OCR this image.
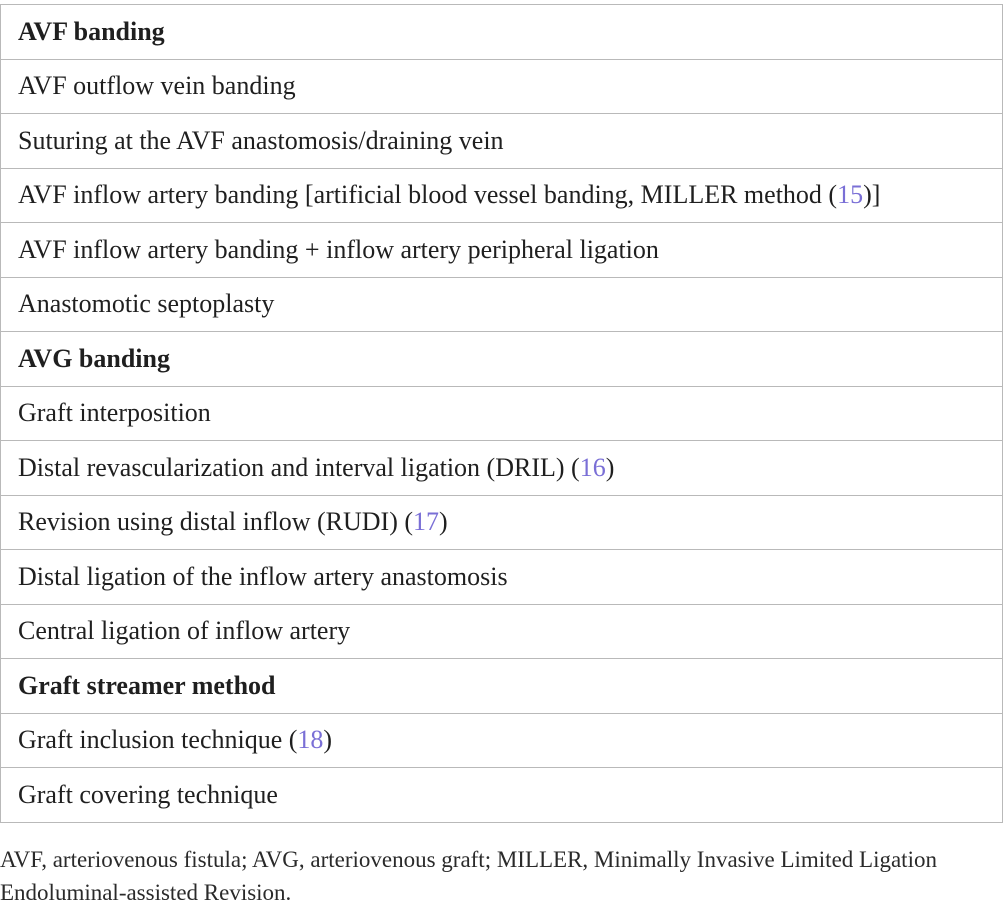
AVF banding
AVF outflow vein banding
Suturing at the AVF anastomosis/draining vein
AVF inflow artery banding [artificial blood vessel banding, MILLER method (15)]
AVF inflow artery banding + inflow artery peripheral ligation
Anastomotic septoplasty
AVG banding
Graft interposition
Distal revascularization and interval ligation (DRIL) (16)
Revision using distal inflow (RUDI) (17)
Distal ligation of the inflow artery anastomosis
Central ligation of inflow artery
Graft streamer method
Graft inclusion technique (18)
Graft covering technique
AVF, arteriovenous fistula; AVG, arteriovenous graft; MILLER, Minimally Invasive Limited Ligation Endoluminal-assisted Revision.
